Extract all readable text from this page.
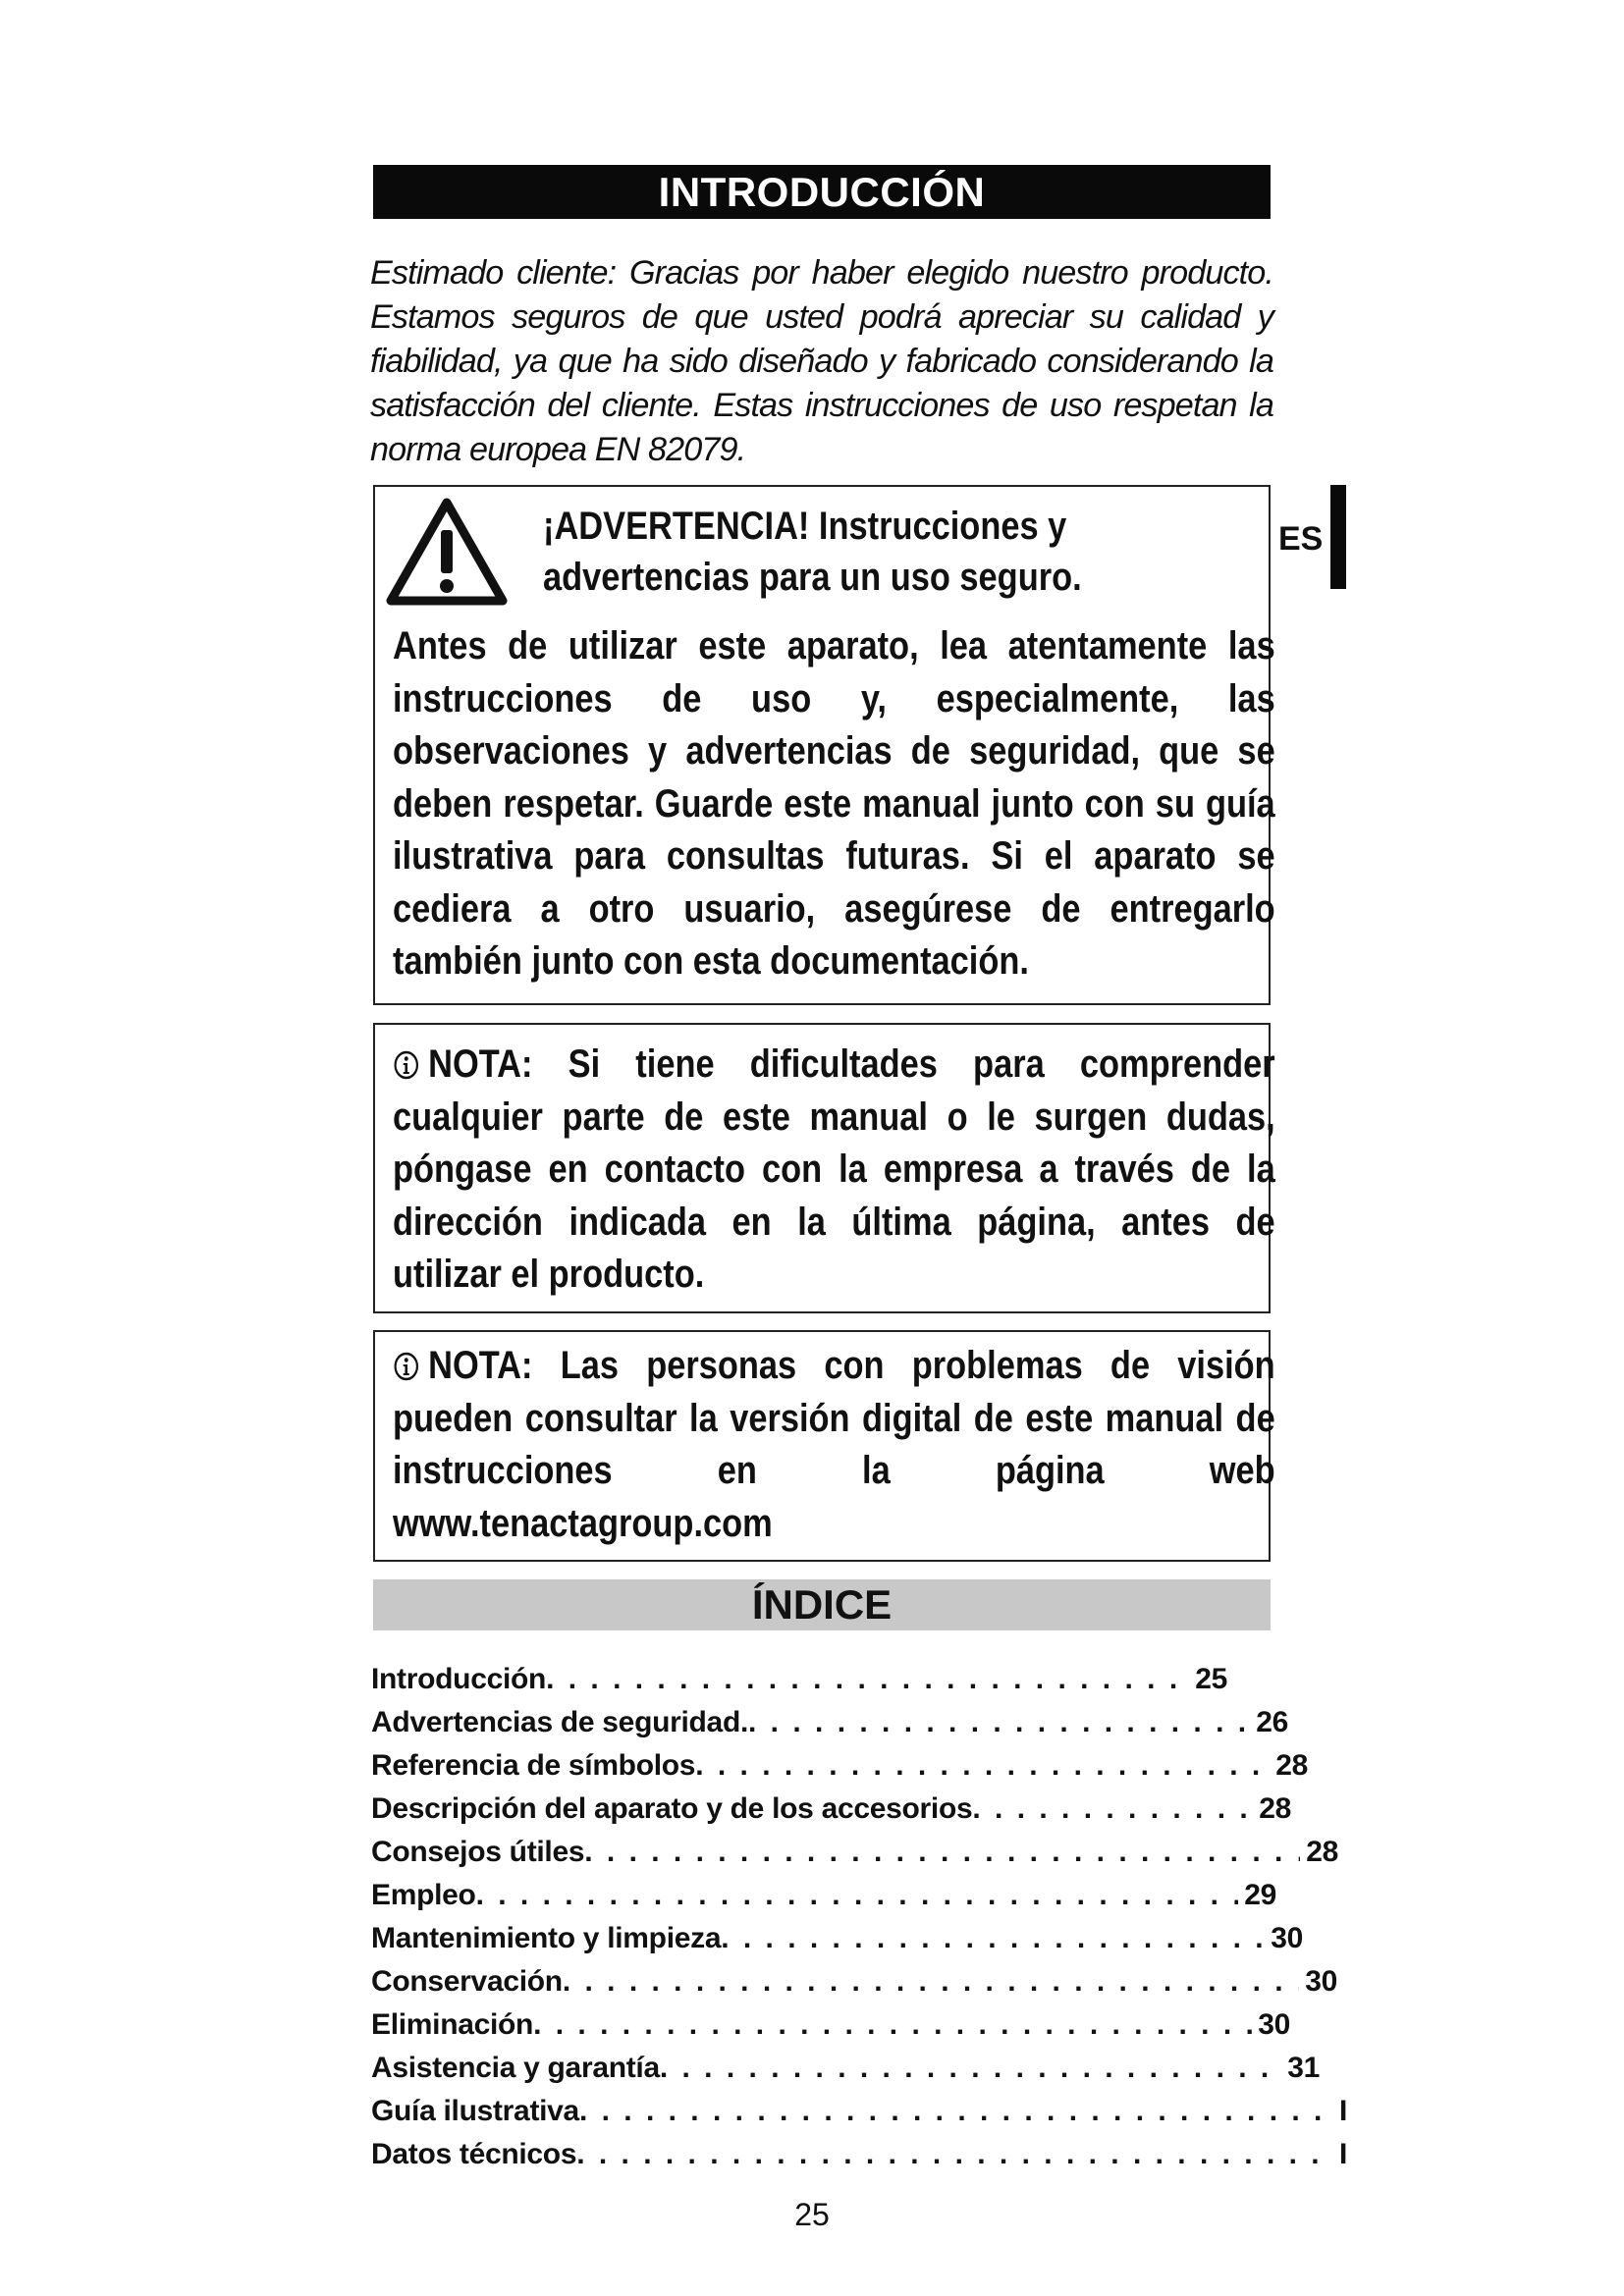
INTRODUCCIÓN
Estimado cliente: Gracias por haber elegido nuestro producto. Estamos seguros de que usted podrá apreciar su calidad y fiabilidad, ya que ha sido diseñado y fabricado considerando la satisfacción del cliente. Estas instrucciones de uso respetan la norma europea EN 82079.
¡ADVERTENCIA! Instrucciones y advertencias para un uso seguro.
Antes de utilizar este aparato, lea atentamente las instrucciones de uso y, especialmente, las observaciones y advertencias de seguridad, que se deben respetar. Guarde este manual junto con su guía ilustrativa para consultas futuras. Si el aparato se cediera a otro usuario, asegúrese de entregarlo también junto con esta documentación.
ES
NOTA: Si tiene dificultades para comprender cualquier parte de este manual o le surgen dudas, póngase en contacto con la empresa a través de la dirección indicada en la última página, antes de utilizar el producto.
NOTA: Las personas con problemas de visión pueden consultar la versión digital de este manual de instrucciones en la página web www.tenactagroup.com
ÍNDICE
Introducción . . .	25
Advertencias de seguridad. . . .	26
Referencia de símbolos . . .	28
Descripción del aparato y de los accesorios . . .	28
Consejos útiles . . .	28
Empleo . . .	29
Mantenimiento y limpieza . . .	30
Conservación . . .	30
Eliminación . . .	30
Asistencia y garantía . . .	31
Guía ilustrativa . . .	I
Datos técnicos . . .	I
25
